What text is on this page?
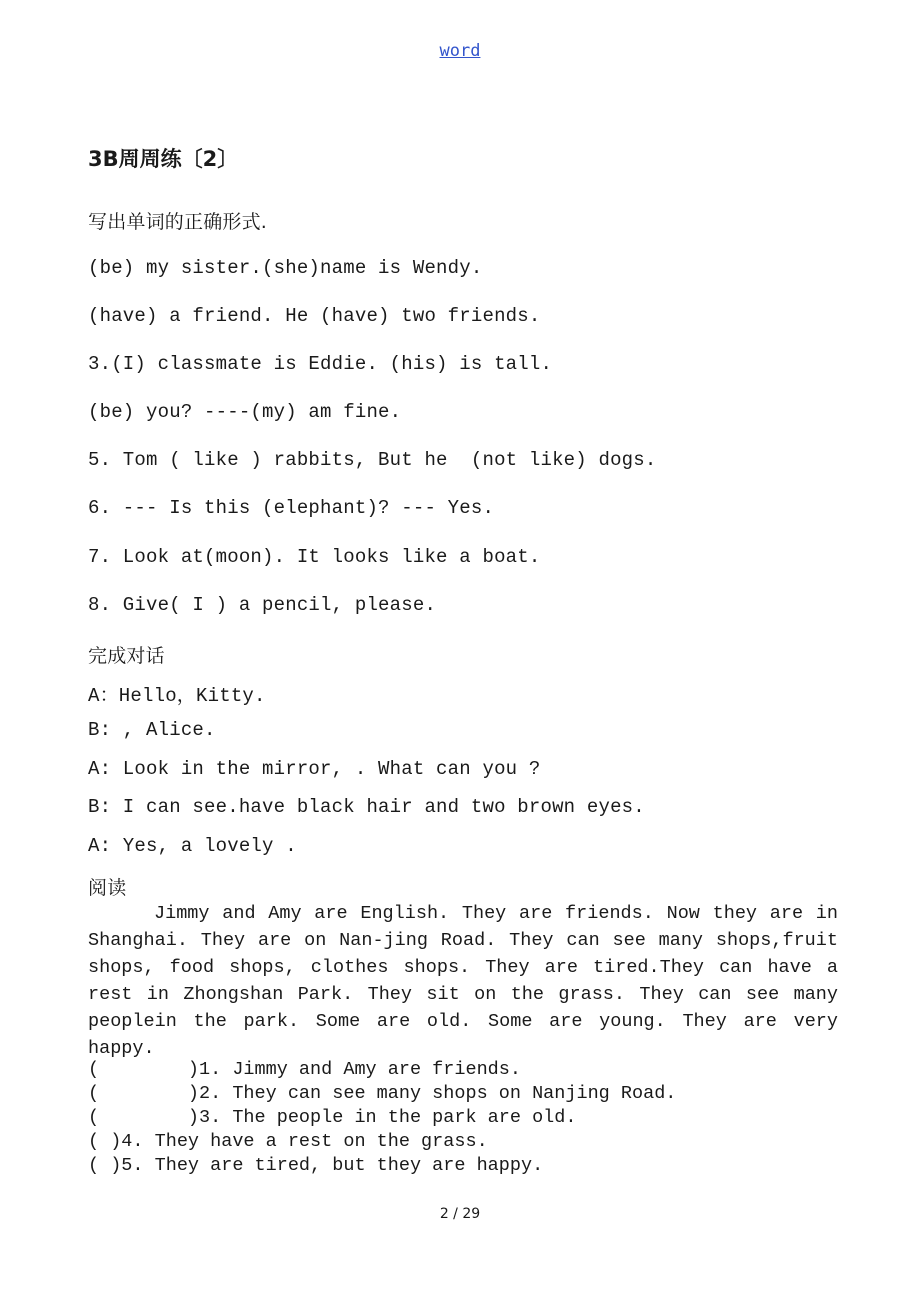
word
3B周周练〔2〕
写出单词的正确形式.
(be) my sister.(she)name is Wendy.
(have) a friend. He (have) two friends.
3.(I) classmate is Eddie. (his) is tall.
(be) you? ----(my) am fine.
5. Tom ( like ) rabbits, But he  (not like) dogs.
6. --- Is this (elephant)? --- Yes.
7. Look at(moon). It looks like a boat.
8. Give( I ) a pencil, please.
完成对话
A：Hello，Kitty.
B: , Alice.
A: Look in the mirror, . What can you ?
B: I can see.have black hair and two brown eyes.
A: Yes, a lovely .
阅读

Jimmy and Amy are English. They are friends. Now they are in Shanghai. They are on Nan-jing Road. They can see many shops,fruit shops, food shops, clothes shops. They are tired.They can have a rest in Zhongshan Park. They sit on the grass. They can see many peoplein the park. Some are old. Some are young. They are very happy.

(        )1. Jimmy and Amy are friends.
(        )2. They can see many shops on Nanjing Road.
(        )3. The people in the park are old.
( )4. They have a rest on the grass.
( )5. They are tired, but they are happy.
2 / 29
